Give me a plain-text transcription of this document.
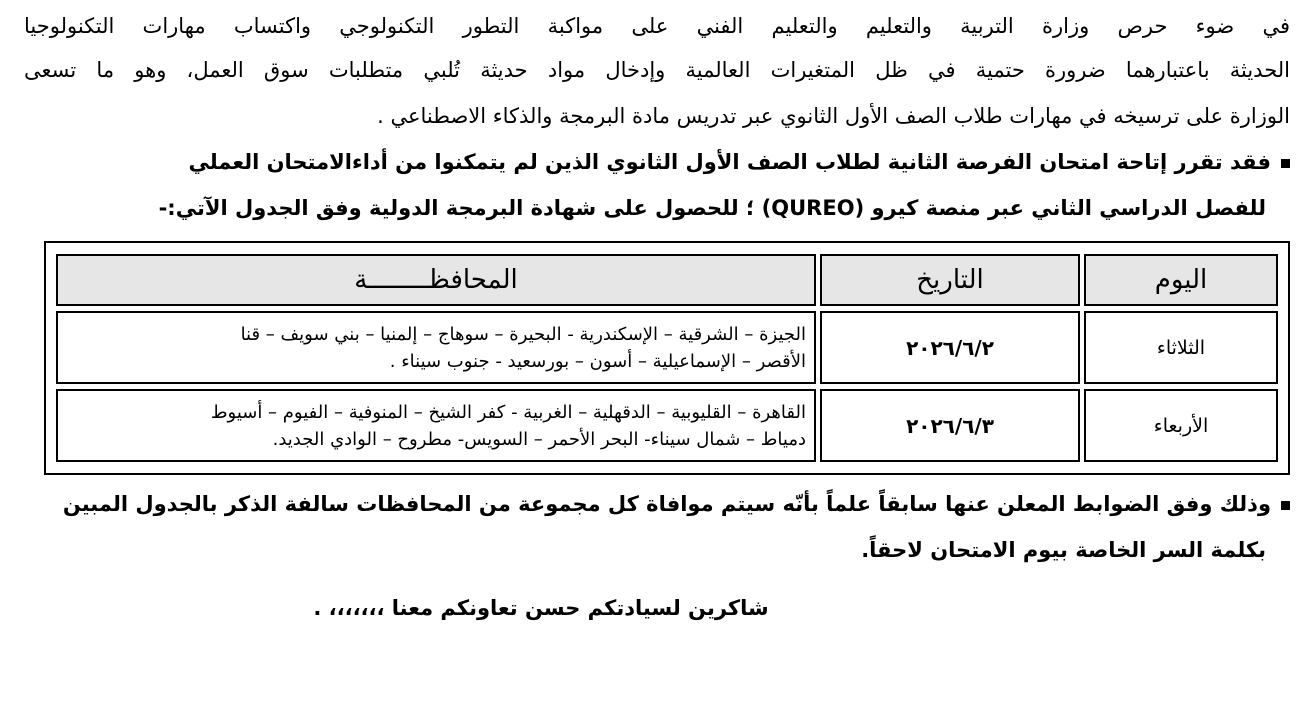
في ضوء حرص وزارة التربية والتعليم والتعليم الفني على مواكبة التطور التكنولوجي واكتساب مهارات التكنولوجيا
الحديثة باعتبارهما ضرورة حتمية في ظل المتغيرات العالمية وإدخال مواد حديثة تُلبي متطلبات سوق العمل، وهو ما تسعى
الوزارة على ترسيخه في مهارات طلاب الصف الأول الثانوي عبر تدريس مادة البرمجة والذكاء الاصطناعي .
فقد تقرر إتاحة امتحان الفرصة الثانية لطلاب الصف الأول الثانوي الذين لم يتمكنوا من أداءالامتحان العملي
للفصل الدراسي الثاني عبر منصة كيرو (QUREO) ؛ للحصول على شهادة البرمجة الدولية وفق الجدول الآتي:-
اليوم	التاريخ	المحافظــــــــة
الثلاثاء	٢٠٢٦/٦/٢	الجيزة – الشرقية – الإسكندرية - البحيرة – سوهاج – إلمنيا – بني سويف – قنا
الأقصر – الإسماعيلية – أسون – بورسعيد - جنوب سيناء .

الأربعاء	٢٠٢٦/٦/٣	القاهرة – القليوبية – الدقهلية – الغربية - كفر الشيخ – المنوفية – الفيوم – أسيوط
دمياط – شمال سيناء- البحر الأحمر – السويس- مطروح – الوادي الجديد.
وذلك وفق الضوابط المعلن عنها سابقاً علماً بأنّه سيتم موافاة كل مجموعة من المحافظات سالفة الذكر بالجدول المبين
بكلمة السر الخاصة بيوم الامتحان لاحقاً.
شاكرين لسيادتكم حسن تعاونكم معنا ،،،،،،، .
